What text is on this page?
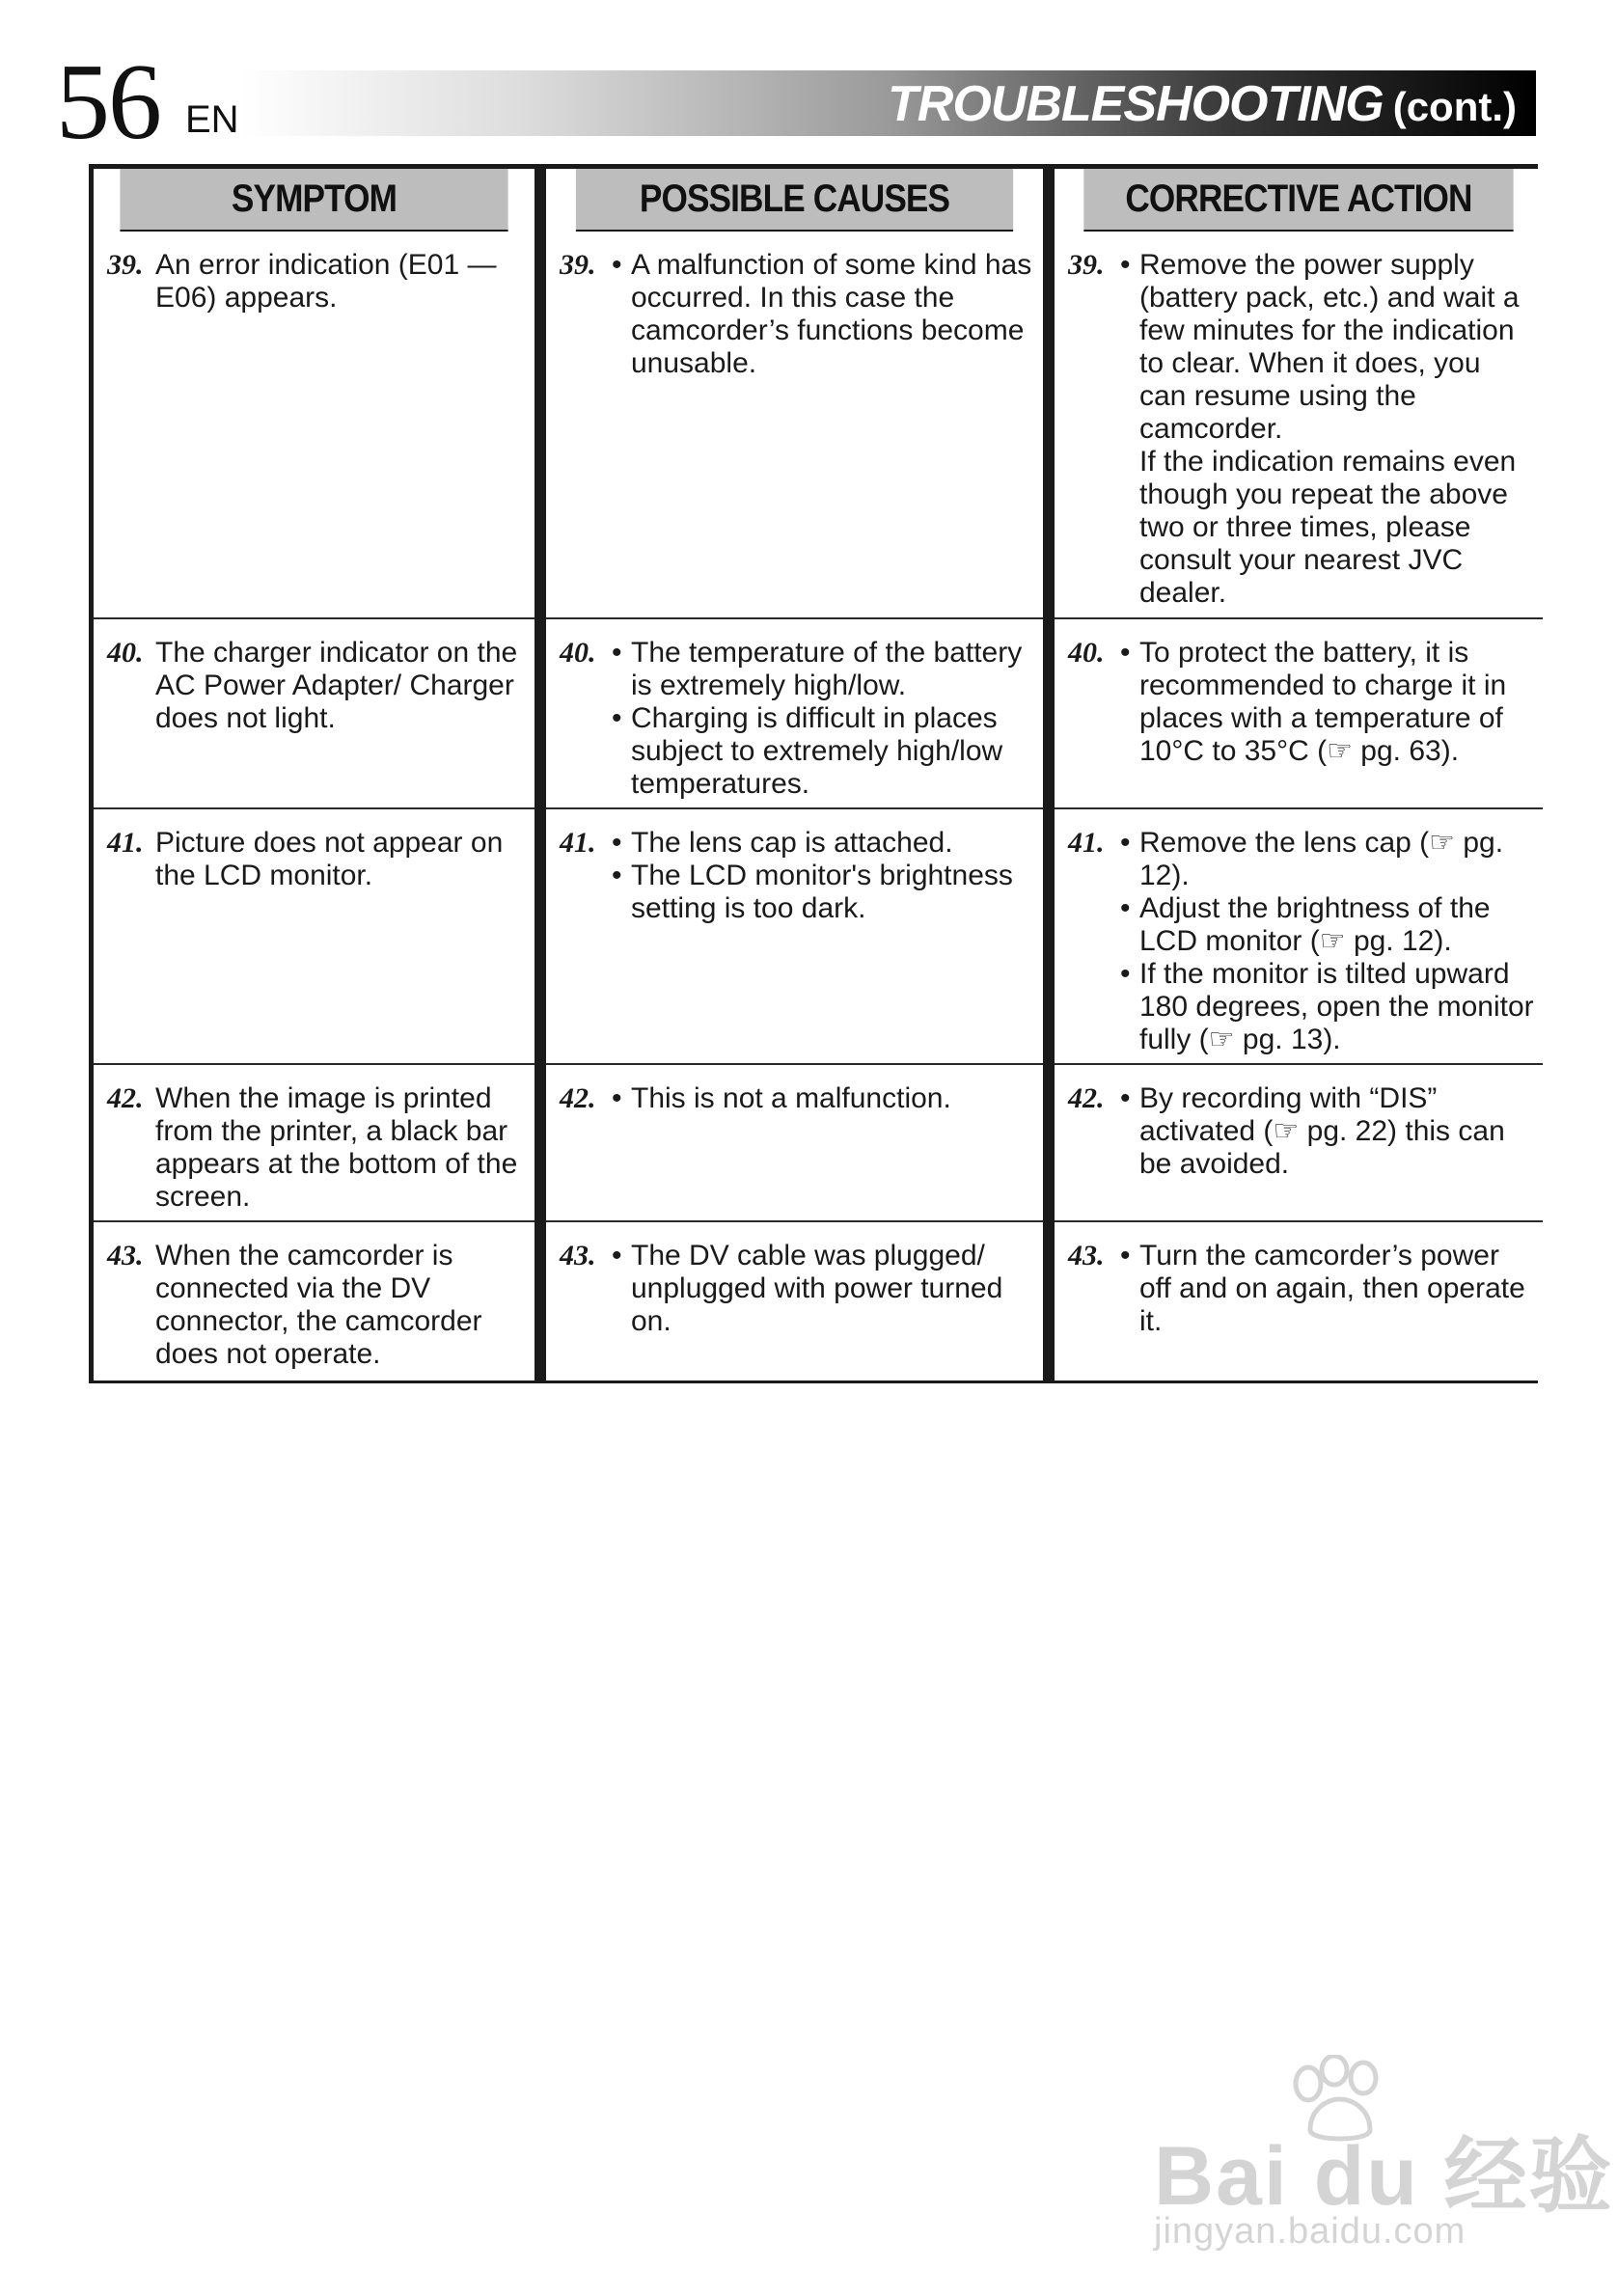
56 EN	TROUBLESHOOTING (cont.)
SYMPTOM
39. An error indication (E01 — E06) appears.
40. The charger indicator on the AC Power Adapter/ Charger does not light.
41. Picture does not appear on the LCD monitor.
42. When the image is printed from the printer, a black bar appears at the bottom of the screen.
43. When the camcorder is connected via the DV connector, the camcorder does not operate.
POSSIBLE CAUSES
39. • A malfunction of some kind has occurred. In this case the camcorder’s functions become unusable.
40. • The temperature of the battery is extremely high/low.
• Charging is difficult in places subject to extremely high/low temperatures.
41. • The lens cap is attached.
• The LCD monitor's brightness setting is too dark.
42. • This is not a malfunction.
43. • The DV cable was plugged/ unplugged with power turned on.
CORRECTIVE ACTION
39. • Remove the power supply (battery pack, etc.) and wait a few minutes for the indication to clear. When it does, you can resume using the camcorder.
If the indication remains even though you repeat the above two or three times, please consult your nearest JVC dealer.
40. • To protect the battery, it is recommended to charge it in places with a temperature of 10°C to 35°C (☞ pg. 63).
41. • Remove the lens cap (☞ pg. 12).
• Adjust the brightness of the LCD monitor (☞ pg. 12).
• If the monitor is tilted upward 180 degrees, open the monitor fully (☞ pg. 13).
42. • By recording with “DIS” activated (☞ pg. 22) this can be avoided.
43. • Turn the camcorder’s power off and on again, then operate it.
Bai du 经验
jingyan.baidu.com
